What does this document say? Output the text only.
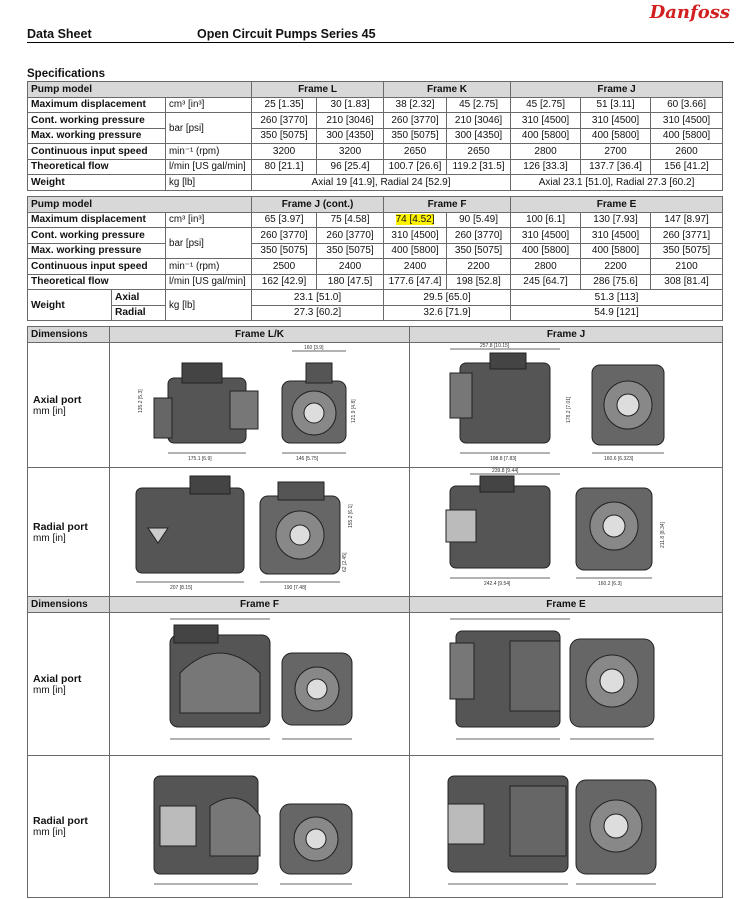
Data Sheet	Open Circuit Pumps Series 45
Danfoss
Specifications
Pump model		Frame L		Frame K		Frame J		
Maximum displacement	cm³ [in³]	25 [1.35]	30 [1.83]	38 [2.32]	45 [2.75]	45 [2.75]	51 [3.11]	60 [3.66]
Cont. working pressure	bar [psi]	260 [3770]	210 [3046]	260 [3770]	210 [3046]	310 [4500]	310 [4500]	310 [4500]
Max. working pressure		350 [5075]	300 [4350]	350 [5075]	300 [4350]	400 [5800]	400 [5800]	400 [5800]
Continuous input speed	min⁻¹ (rpm)	3200	3200	2650	2650	2800	2700	2600
Theoretical flow	l/min [US gal/min]	80 [21.1]	96 [25.4]	100.7 [26.6]	119.2 [31.5]	126 [33.3]	137.7 [36.4]	156 [41.2]
Weight	kg [lb]	Axial 19 [41.9], Radial 24 [52.9]				Axial 23.1 [51.0], Radial 27.3 [60.2]		
Pump model			Frame J (cont.)		Frame F		Frame E		
Maximum displacement		cm³ [in³]	65 [3.97]	75 [4.58]	74 [4.52]	90 [5.49]	100 [6.1]	130 [7.93]	147 [8.97]
Cont. working pressure		bar [psi]	260 [3770]	260 [3770]	310 [4500]	260 [3770]	310 [4500]	310 [4500]	260 [3771]
Max. working pressure			350 [5075]	350 [5075]	400 [5800]	350 [5075]	400 [5800]	400 [5800]	350 [5075]
Continuous input speed		min⁻¹ (rpm)	2500	2400	2400	2200	2800	2200	2100
Theoretical flow		l/min [US gal/min]	162 [42.9]	180 [47.5]	177.6 [47.4]	198 [52.8]	245 [64.7]	286 [75.6]	308 [81.4]
Weight	Axial	kg [lb]	23.1 [51.0]		29.5 [65.0]		51.3 [113]		
	Radial		27.3 [60.2]		32.6 [71.9]		54.9 [121]		
Dimensions	Frame L/K	Frame J

Axial port
mm [in]	175.1 [6.9] 146 [5.75]
160 [3.9]
135.2 [5.3] 121.9 [4.8]	257.8 [10.15]
198.8 [7.83] 160.6 [6.323]
178.2 [7.01]

Radial port
mm [in]	207 [8.15] 190 [7.48]
155.2 [6.1]
62 [2.45]	239.8 [9.44]
242.4 [9.54] 160.2 [6.3]
211.8 [8.34]

Dimensions	Frame F	Frame E

Axial port
mm [in]		

Radial port
mm [in]		
